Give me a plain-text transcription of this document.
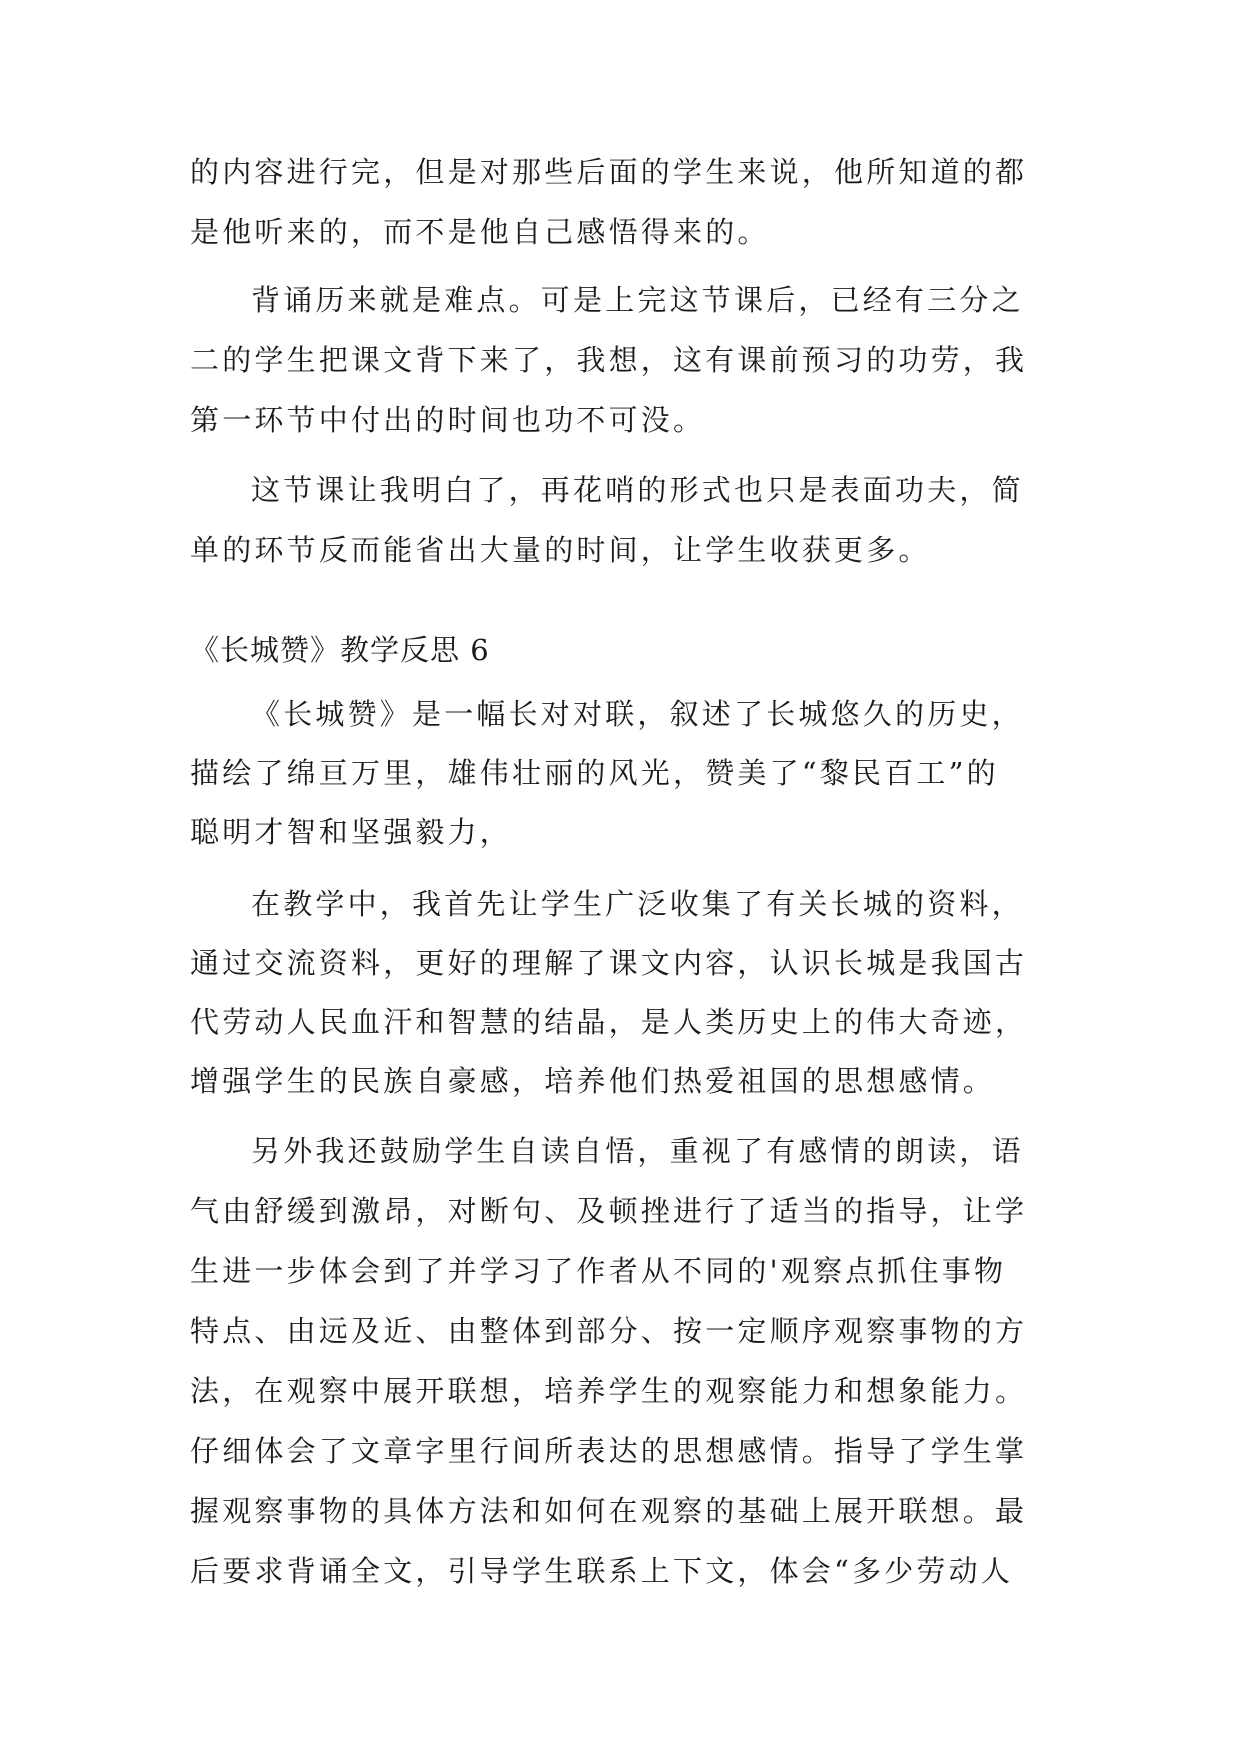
的内容进行完，但是对那些后面的学生来说，他所知道的都
是他听来的，而不是他自己感悟得来的。
背诵历来就是难点。可是上完这节课后，已经有三分之
二的学生把课文背下来了，我想，这有课前预习的功劳，我
第一环节中付出的时间也功不可没。
这节课让我明白了，再花哨的形式也只是表面功夫，简
单的环节反而能省出大量的时间，让学生收获更多。
《长城赞》教学反思 6
《长城赞》是一幅长对对联，叙述了长城悠久的历史，
描绘了绵亘万里，雄伟壮丽的风光，赞美了“黎民百工”的
聪明才智和坚强毅力，
在教学中，我首先让学生广泛收集了有关长城的资料，
通过交流资料，更好的理解了课文内容，认识长城是我国古
代劳动人民血汗和智慧的结晶，是人类历史上的伟大奇迹，
增强学生的民族自豪感，培养他们热爱祖国的思想感情。
另外我还鼓励学生自读自悟，重视了有感情的朗读，语
气由舒缓到激昂，对断句、及顿挫进行了适当的指导，让学
生进一步体会到了并学习了作者从不同的'观察点抓住事物
特点、由远及近、由整体到部分、按一定顺序观察事物的方
法，在观察中展开联想，培养学生的观察能力和想象能力。
仔细体会了文章字里行间所表达的思想感情。指导了学生掌
握观察事物的具体方法和如何在观察的基础上展开联想。最
后要求背诵全文，引导学生联系上下文，体会“多少劳动人
